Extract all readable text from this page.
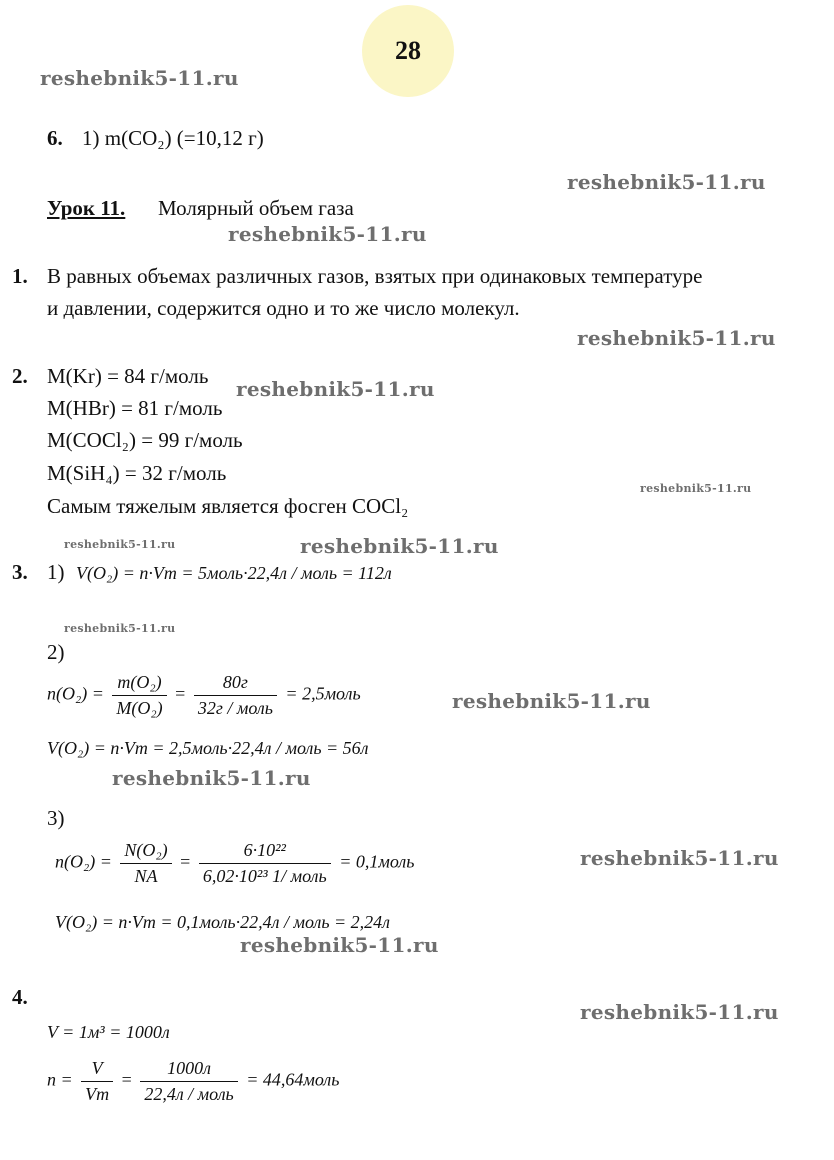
28
reshebnik5-11.ru
reshebnik5-11.ru
reshebnik5-11.ru
reshebnik5-11.ru
reshebnik5-11.ru
reshebnik5-11.ru
reshebnik5-11.ru	reshebnik5-11.ru
reshebnik5-11.ru
reshebnik5-11.ru
reshebnik5-11.ru
reshebnik5-11.ru
reshebnik5-11.ru
reshebnik5-11.ru
6. 1) m(CO₂) (=10,12 г)
Урок 11. Молярный объем газа
1. В равных объемах различных газов, взятых при одинаковых температуре
и давлении, содержится одно и то же число молекул.
2. M(Kr) = 84 г/моль
M(HBr) = 81 г/моль
M(COCl₂) = 99 г/моль
M(SiH₄) = 32 г/моль
Самым тяжелым является фосген COCl₂
3. 1) V(O₂) = n·Vm = 5моль·22,4л / моль = 112л
2)
$n(O_2) = \frac{\text{m(O₂)}}{\text{M(O₂)}} = \frac{80г}{\text{32г / моль}}$ = 2,5моль
V(O₂) = n·Vm = 2,5моль·22,4л / моль = 56л
3)
$n(O_2) = \frac{\text{N(O₂)}}{NA} = \frac{\text{6·10²²}}{\text{6,02·10²³ 1/ моль}}$ = 0,1моль
V(O₂) = n·Vm = 0,1моль·22,4л / моль = 2,24л
4.
V = 1м³ = 1000л
$n = \frac{V}{Vm} = \frac{1000л}{\text{22,4л / моль}}$ = 44,64моль
